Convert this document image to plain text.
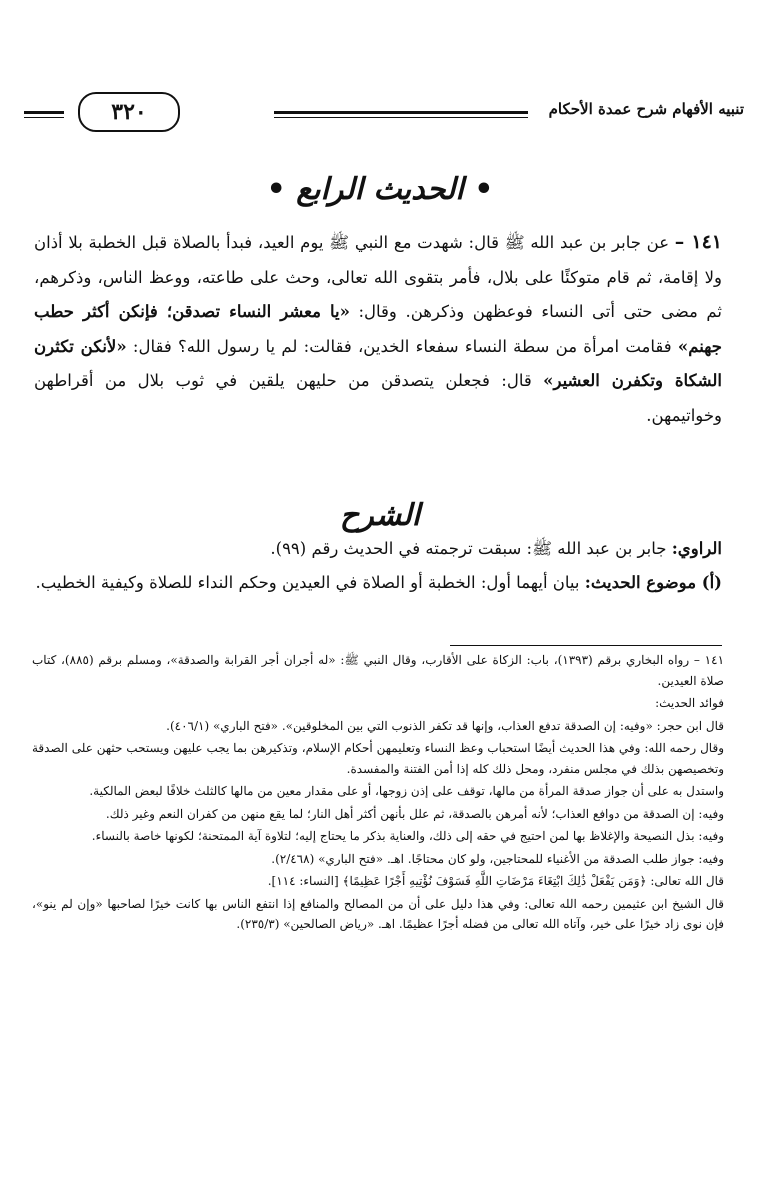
تنبيه الأفهام شرح عمدة الأحكام
٣٢٠
• الحديث الرابع •

١٤١ – عن جابر بن عبد الله ﷺ قال: شهدت مع النبي ﷺ يوم العيد، فبدأ بالصلاة قبل الخطبة بلا أذان ولا إقامة، ثم قام متوكئًا على بلال، فأمر بتقوى الله تعالى، وحث على طاعته، ووعظ الناس، وذكرهم، ثم مضى حتى أتى النساء فوعظهن وذكرهن. وقال: «يا معشر النساء تصدقن؛ فإنكن أكثر حطب جهنم» فقامت امرأة من سطة النساء سفعاء الخدين، فقالت: لم يا رسول الله؟ فقال: «لأنكن تكثرن الشكاة وتكفرن العشير» قال: فجعلن يتصدقن من حليهن يلقين في ثوب بلال من أقراطهن وخواتيمهن.

الشرح

الراوي: جابر بن عبد الله ﷺ: سبقت ترجمته في الحديث رقم (٩٩).

(أ) موضوع الحديث: بيان أيهما أول: الخطبة أو الصلاة في العيدين وحكم النداء للصلاة وكيفية الخطيب.

١٤١ – رواه البخاري برقم (١٣٩٣)، باب: الزكاة على الأقارب، وقال النبي ﷺ: «له أجران أجر القرابة والصدقة»، ومسلم برقم (٨٨٥)، كتاب صلاة العيدين.

فوائد الحديث:

قال ابن حجر: «وفيه: إن الصدقة تدفع العذاب، وإنها قد تكفر الذنوب التي بين المخلوقين». «فتح الباري» (٤٠٦/١).

وقال رحمه الله: وفي هذا الحديث أيضًا استحباب وعظ النساء وتعليمهن أحكام الإسلام، وتذكيرهن بما يجب عليهن ويستحب حثهن على الصدقة وتخصيصهن بذلك في مجلس منفرد، ومحل ذلك كله إذا أمن الفتنة والمفسدة.

واستدل به على أن جواز صدقة المرأة من مالها، توقف على إذن زوجها، أو على مقدار معين من مالها كالثلث خلافًا لبعض المالكية.

وفيه: إن الصدقة من دوافع العذاب؛ لأنه أمرهن بالصدقة، ثم علل بأنهن أكثر أهل النار؛ لما يقع منهن من كفران النعم وغير ذلك.

وفيه: بذل النصيحة والإغلاظ بها لمن احتيج في حقه إلى ذلك، والعناية بذكر ما يحتاج إليه؛ لتلاوة آية الممتحنة؛ لكونها خاصة بالنساء.

وفيه: جواز طلب الصدقة من الأغنياء للمحتاجين، ولو كان محتاجًا. اهـ. «فتح الباري» (٢/٤٦٨).

قال الله تعالى: ﴿وَمَن يَفْعَلْ ذَٰلِكَ ابْتِغَاءَ مَرْضَاتِ اللَّهِ فَسَوْفَ نُؤْتِيهِ أَجْرًا عَظِيمًا﴾ [النساء: ١١٤].

قال الشيخ ابن عثيمين رحمه الله تعالى: وفي هذا دليل على أن من المصالح والمنافع إذا انتفع الناس بها كانت خيرًا لصاحبها «وإن لم ينو»، فإن نوى زاد خيرًا على خير، وآتاه الله تعالى من فضله أجرًا عظيمًا. اهـ. «رياض الصالحين» (٢٣٥/٣).
